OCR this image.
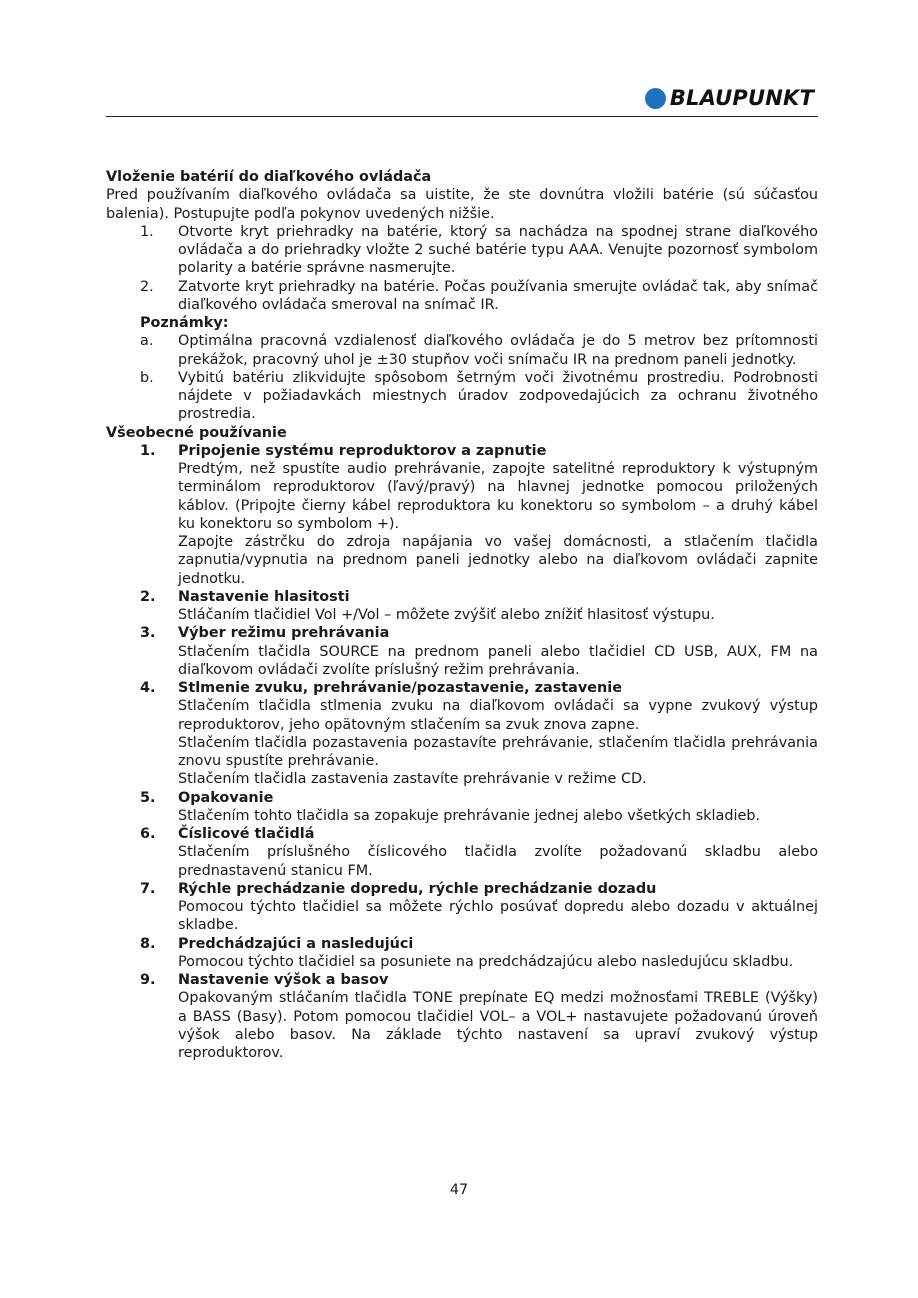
BLAUPUNKT

Vloženie batérií do diaľkového ovládača

Pred používaním diaľkového ovládača sa uistite, že ste dovnútra vložili batérie (sú súčasťou balenia). Postupujte podľa pokynov uvedených nižšie.

1.	Otvorte kryt priehradky na batérie, ktorý sa nachádza na spodnej strane diaľkového ovládača a do priehradky vložte 2 suché batérie typu AAA. Venujte pozornosť symbolom polarity a batérie správne nasmerujte.
2.	Zatvorte kryt priehradky na batérie. Počas používania smerujte ovládač tak, aby snímač diaľkového ovládača smeroval na snímač IR.

Poznámky:

a.	Optimálna pracovná vzdialenosť diaľkového ovládača je do 5 metrov bez prítomnosti prekážok, pracovný uhol je ±30 stupňov voči snímaču IR na prednom paneli jednotky.
b.	Vybitú batériu zlikvidujte spôsobom šetrným voči životnému prostrediu. Podrobnosti nájdete v požiadavkách miestnych úradov zodpovedajúcich za ochranu životného prostredia.

Všeobecné používanie

1.	Pripojenie systému reproduktorov a zapnutie

Predtým, než spustíte audio prehrávanie, zapojte satelitné reproduktory k výstupným terminálom reproduktorov (ľavý/pravý) na hlavnej jednotke pomocou priložených káblov. (Pripojte čierny kábel reproduktora ku konektoru so symbolom – a druhý kábel ku konektoru so symbolom +).

Zapojte zástrčku do zdroja napájania vo vašej domácnosti, a stlačením tlačidla zapnutia/vypnutia na prednom paneli jednotky alebo na diaľkovom ovládači zapnite jednotku.

2.	Nastavenie hlasitosti

Stláčaním tlačidiel Vol +/Vol – môžete zvýšiť alebo znížiť hlasitosť výstupu.

3.	Výber režimu prehrávania

Stlačením tlačidla SOURCE na prednom paneli alebo tlačidiel CD USB, AUX, FM na diaľkovom ovládači zvolíte príslušný režim prehrávania.

4.	Stlmenie zvuku, prehrávanie/pozastavenie, zastavenie

Stlačením tlačidla stlmenia zvuku na diaľkovom ovládači sa vypne zvukový výstup reproduktorov, jeho opätovným stlačením sa zvuk znova zapne.

Stlačením tlačidla pozastavenia pozastavíte prehrávanie, stlačením tlačidla prehrávania znovu spustíte prehrávanie.

Stlačením tlačidla zastavenia zastavíte prehrávanie v režime CD.

5.	Opakovanie

Stlačením tohto tlačidla sa zopakuje prehrávanie jednej alebo všetkých skladieb.

6.	Číslicové tlačidlá

Stlačením príslušného číslicového tlačidla zvolíte požadovanú skladbu alebo prednastavenú stanicu FM.

7.	Rýchle prechádzanie dopredu, rýchle prechádzanie dozadu

Pomocou týchto tlačidiel sa môžete rýchlo posúvať dopredu alebo dozadu v aktuálnej skladbe.

8.	Predchádzajúci a nasledujúci

Pomocou týchto tlačidiel sa posuniete na predchádzajúcu alebo nasledujúcu skladbu.

9.	Nastavenie výšok a basov

Opakovaným stláčaním tlačidla TONE prepínate EQ medzi možnosťami TREBLE (Výšky) a BASS (Basy). Potom pomocou tlačidiel VOL– a VOL+ nastavujete požadovanú úroveň výšok alebo basov. Na základe týchto nastavení sa upraví zvukový výstup reproduktorov.

47
